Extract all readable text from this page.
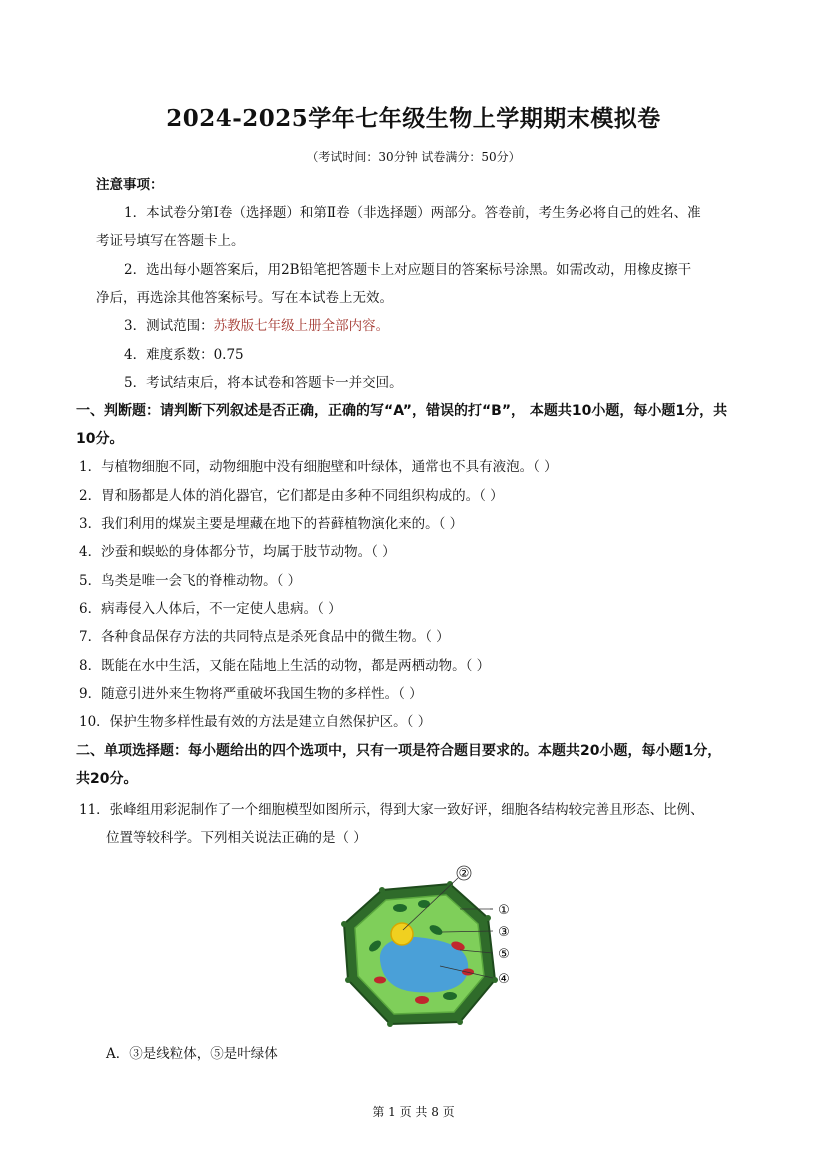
2024-2025学年七年级生物上学期期末模拟卷
（考试时间：30分钟 试卷满分：50分）
注意事项：
1．本试卷分第Ⅰ卷（选择题）和第Ⅱ卷（非选择题）两部分。答卷前，考生务必将自己的姓名、准
考证号填写在答题卡上。
2．选出每小题答案后，用2B铅笔把答题卡上对应题目的答案标号涂黑。如需改动，用橡皮擦干
净后，再选涂其他答案标号。写在本试卷上无效。
3．测试范围：苏教版七年级上册全部内容。
4．难度系数：0.75
5．考试结束后，将本试卷和答题卡一并交回。
一、判断题：请判断下列叙述是否正确，正确的写“A”，错误的打“B”， 本题共10小题，每小题1分，共
10分。
1．与植物细胞不同，动物细胞中没有细胞壁和叶绿体，通常也不具有液泡。（ ）
2．胃和肠都是人体的消化器官，它们都是由多种不同组织构成的。（ ）
3．我们利用的煤炭主要是埋藏在地下的苔藓植物演化来的。（ ）
4．沙蚕和蜈蚣的身体都分节，均属于肢节动物。（ ）
5．鸟类是唯一会飞的脊椎动物。（ ）
6．病毒侵入人体后，不一定使人患病。（ ）
7．各种食品保存方法的共同特点是杀死食品中的微生物。（ ）
8．既能在水中生活，又能在陆地上生活的动物，都是两栖动物。（ ）
9．随意引进外来生物将严重破坏我国生物的多样性。（ ）
10．保护生物多样性最有效的方法是建立自然保护区。（ ）
二、单项选择题：每小题给出的四个选项中，只有一项是符合题目要求的。本题共20小题，每小题1分，
共20分。
11．张峰组用彩泥制作了一个细胞模型如图所示，得到大家一致好评，细胞各结构较完善且形态、比例、
位置等较科学。下列相关说法正确的是（ ）
②
①
③
⑤
④
A．③是线粒体，⑤是叶绿体
第 1 页 共 8 页
